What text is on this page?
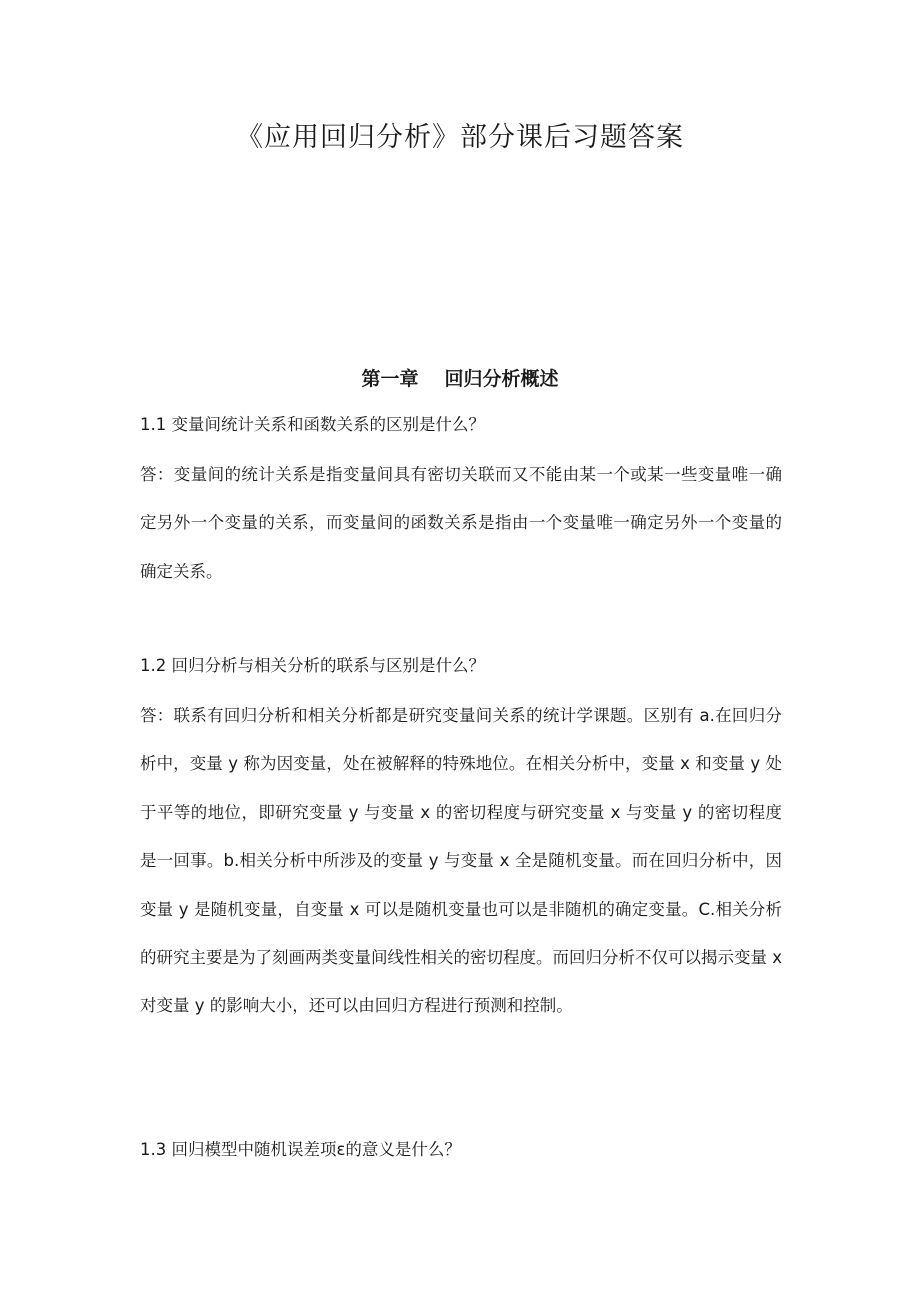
《应用回归分析》部分课后习题答案
第一章 回归分析概述

1.1 变量间统计关系和函数关系的区别是什么？

答：变量间的统计关系是指变量间具有密切关联而又不能由某一个或某一些变量唯一确定另外一个变量的关系，而变量间的函数关系是指由一个变量唯一确定另外一个变量的确定关系。

1.2 回归分析与相关分析的联系与区别是什么？

答：联系有回归分析和相关分析都是研究变量间关系的统计学课题。区别有 a.在回归分析中，变量 y 称为因变量，处在被解释的特殊地位。在相关分析中，变量 x 和变量 y 处于平等的地位，即研究变量 y 与变量 x 的密切程度与研究变量 x 与变量 y 的密切程度是一回事。b.相关分析中所涉及的变量 y 与变量 x 全是随机变量。而在回归分析中，因变量 y 是随机变量，自变量 x 可以是随机变量也可以是非随机的确定变量。C.相关分析的研究主要是为了刻画两类变量间线性相关的密切程度。而回归分析不仅可以揭示变量 x 对变量 y 的影响大小，还可以由回归方程进行预测和控制。

1.3 回归模型中随机误差项ε的意义是什么？
